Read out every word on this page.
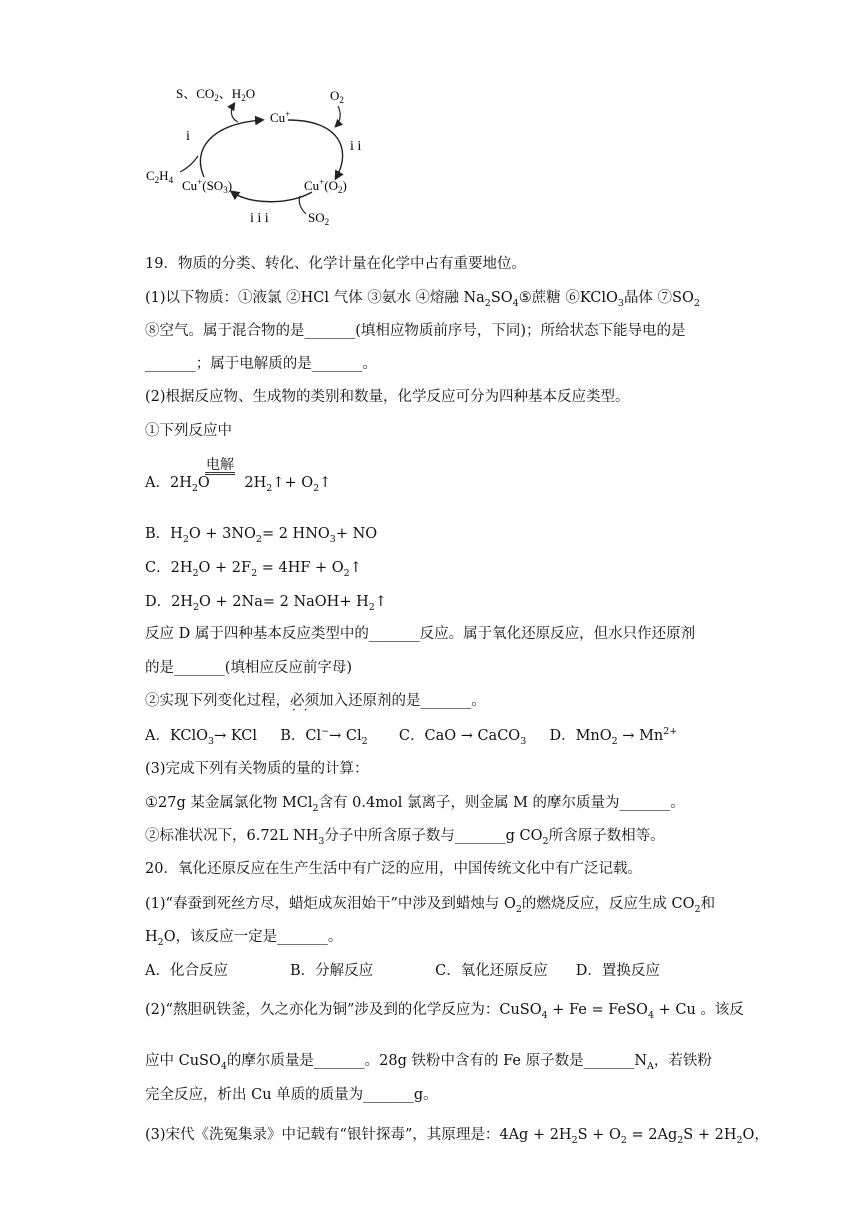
S、$CO_2$、$H_2O$
Cu+
$O_2$
i
i i
i i i
$C_2H_4$ $Cu^+(SO_3)$	$Cu^+(O_2)$
$SO_2$
19．物质的分类、转化、化学计量在化学中占有重要地位。
(1)以下物质：①液氯 ②HCl 气体 ③氨水 ④熔融 $Na_2SO_4⑤$蔗糖 ⑥KClO$_3$晶体 $⑦SO_2$
⑧空气。属于混合物的是_______(填相应物质前序号，下同)；所给状态下能导电的是
_______；属于电解质的是_______。
(2)根据反应物、生成物的类别和数量，化学反应可分为四种基本反应类型。
①下列反应中
电解
A．$2H_2O$ $2H_2↑+$ $O_2↑$
B．$H_2O + 3NO_2= 2$ $HNO_3+$ NO
C．$2H_2O + 2F_2 = 4HF$ + $O_2↑$
D．$2H_2O + 2Na= 2$ NaOH+ $H_2↑$
反应 D 属于四种基本反应类型中的_______反应。属于氧化还原反应，但水只作还原剂
的是_______(填相应反应前字母)
②实现下列变化过程，必须 · ·加入还原剂的是_______。
A．KClO$_3$→ KCl B．$Cl^-\to Cl_2$ C．CaO → CaCO$_3$ D．$MnO_2 \to Mn^{2+}$
(3)完成下列有关物质的量的计算：
①27g 某金属氯化物 MCl$_2$含有 0.4mol 氯离子，则金属 M 的摩尔质量为_______。
②标准状况下，6.72L $NH_3$分子中所含原子数与_______g $CO_2$所含原子数相等。
20．氧化还原反应在生产生活中有广泛的应用，中国传统文化中有广泛记载。
(1)“春蚕到死丝方尽，蜡炬成灰泪始干”中涉及到蜡烛与 $O_2$的燃烧反应，反应生成 $CO_2$和
$H_2O$，该反应一定是_______。
A．化合反应	B．分解反应	C．氧化还原反应 D．置换反应
(2)“熬胆矾铁釜，久之亦化为铜”涉及到的化学反应为：CuSO$_4$ + Fe = FeSO$_4$ + Cu 。该反
应中 CuSO$_4$的摩尔质量是_______。28g 铁粉中含有的 Fe 原子数是$\_\_\_\_\_\_\_N_A$，若铁粉
完全反应，析出 Cu 单质的质量为_______g。
(3)宋代《洗冤集录》中记载有“银针探毒”，其原理是：$4Ag + 2H_2S + O_2 = 2Ag_2S + 2H_2O$，
